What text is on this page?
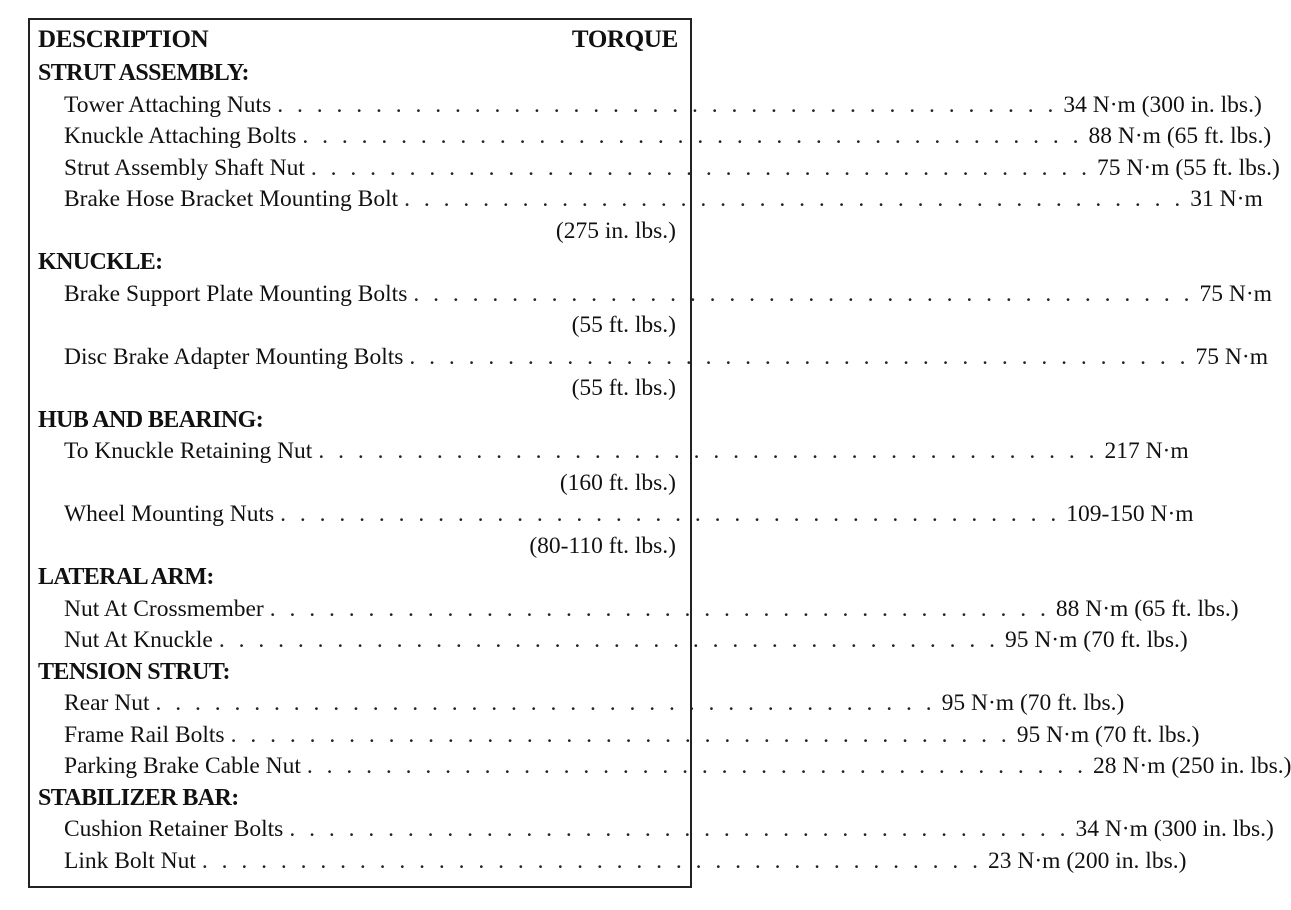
DESCRIPTION	TORQUE
STRUT ASSEMBLY:
Tower Attaching Nuts . . . . . . . . . . . . . . . . . . . . . . . . . . . . . . . . . . . . . . . . 34 N·m (300 in. lbs.)
Knuckle Attaching Bolts . . . . . . . . . . . . . . . . . . . . . . . . . . . . . . . . . . . . . . . . 88 N·m (65 ft. lbs.)
Strut Assembly Shaft Nut . . . . . . . . . . . . . . . . . . . . . . . . . . . . . . . . . . . . . . . . 75 N·m (55 ft. lbs.)
Brake Hose Bracket Mounting Bolt . . . . . . . . . . . . . . . . . . . . . . . . . . . . . . . . . . . . . . . . 31 N·m
(275 in. lbs.)
KNUCKLE:
Brake Support Plate Mounting Bolts . . . . . . . . . . . . . . . . . . . . . . . . . . . . . . . . . . . . . . . . 75 N·m
(55 ft. lbs.)
Disc Brake Adapter Mounting Bolts . . . . . . . . . . . . . . . . . . . . . . . . . . . . . . . . . . . . . . . . 75 N·m
(55 ft. lbs.)
HUB AND BEARING:
To Knuckle Retaining Nut . . . . . . . . . . . . . . . . . . . . . . . . . . . . . . . . . . . . . . . . 217 N·m
(160 ft. lbs.)
Wheel Mounting Nuts . . . . . . . . . . . . . . . . . . . . . . . . . . . . . . . . . . . . . . . . 109-150 N·m
(80-110 ft. lbs.)
LATERAL ARM:
Nut At Crossmember . . . . . . . . . . . . . . . . . . . . . . . . . . . . . . . . . . . . . . . . 88 N·m (65 ft. lbs.)
Nut At Knuckle . . . . . . . . . . . . . . . . . . . . . . . . . . . . . . . . . . . . . . . . 95 N·m (70 ft. lbs.)
TENSION STRUT:
Rear Nut . . . . . . . . . . . . . . . . . . . . . . . . . . . . . . . . . . . . . . . . 95 N·m (70 ft. lbs.)
Frame Rail Bolts . . . . . . . . . . . . . . . . . . . . . . . . . . . . . . . . . . . . . . . . 95 N·m (70 ft. lbs.)
Parking Brake Cable Nut . . . . . . . . . . . . . . . . . . . . . . . . . . . . . . . . . . . . . . . . 28 N·m (250 in. lbs.)
STABILIZER BAR:
Cushion Retainer Bolts . . . . . . . . . . . . . . . . . . . . . . . . . . . . . . . . . . . . . . . . 34 N·m (300 in. lbs.)
Link Bolt Nut . . . . . . . . . . . . . . . . . . . . . . . . . . . . . . . . . . . . . . . . 23 N·m (200 in. lbs.)
